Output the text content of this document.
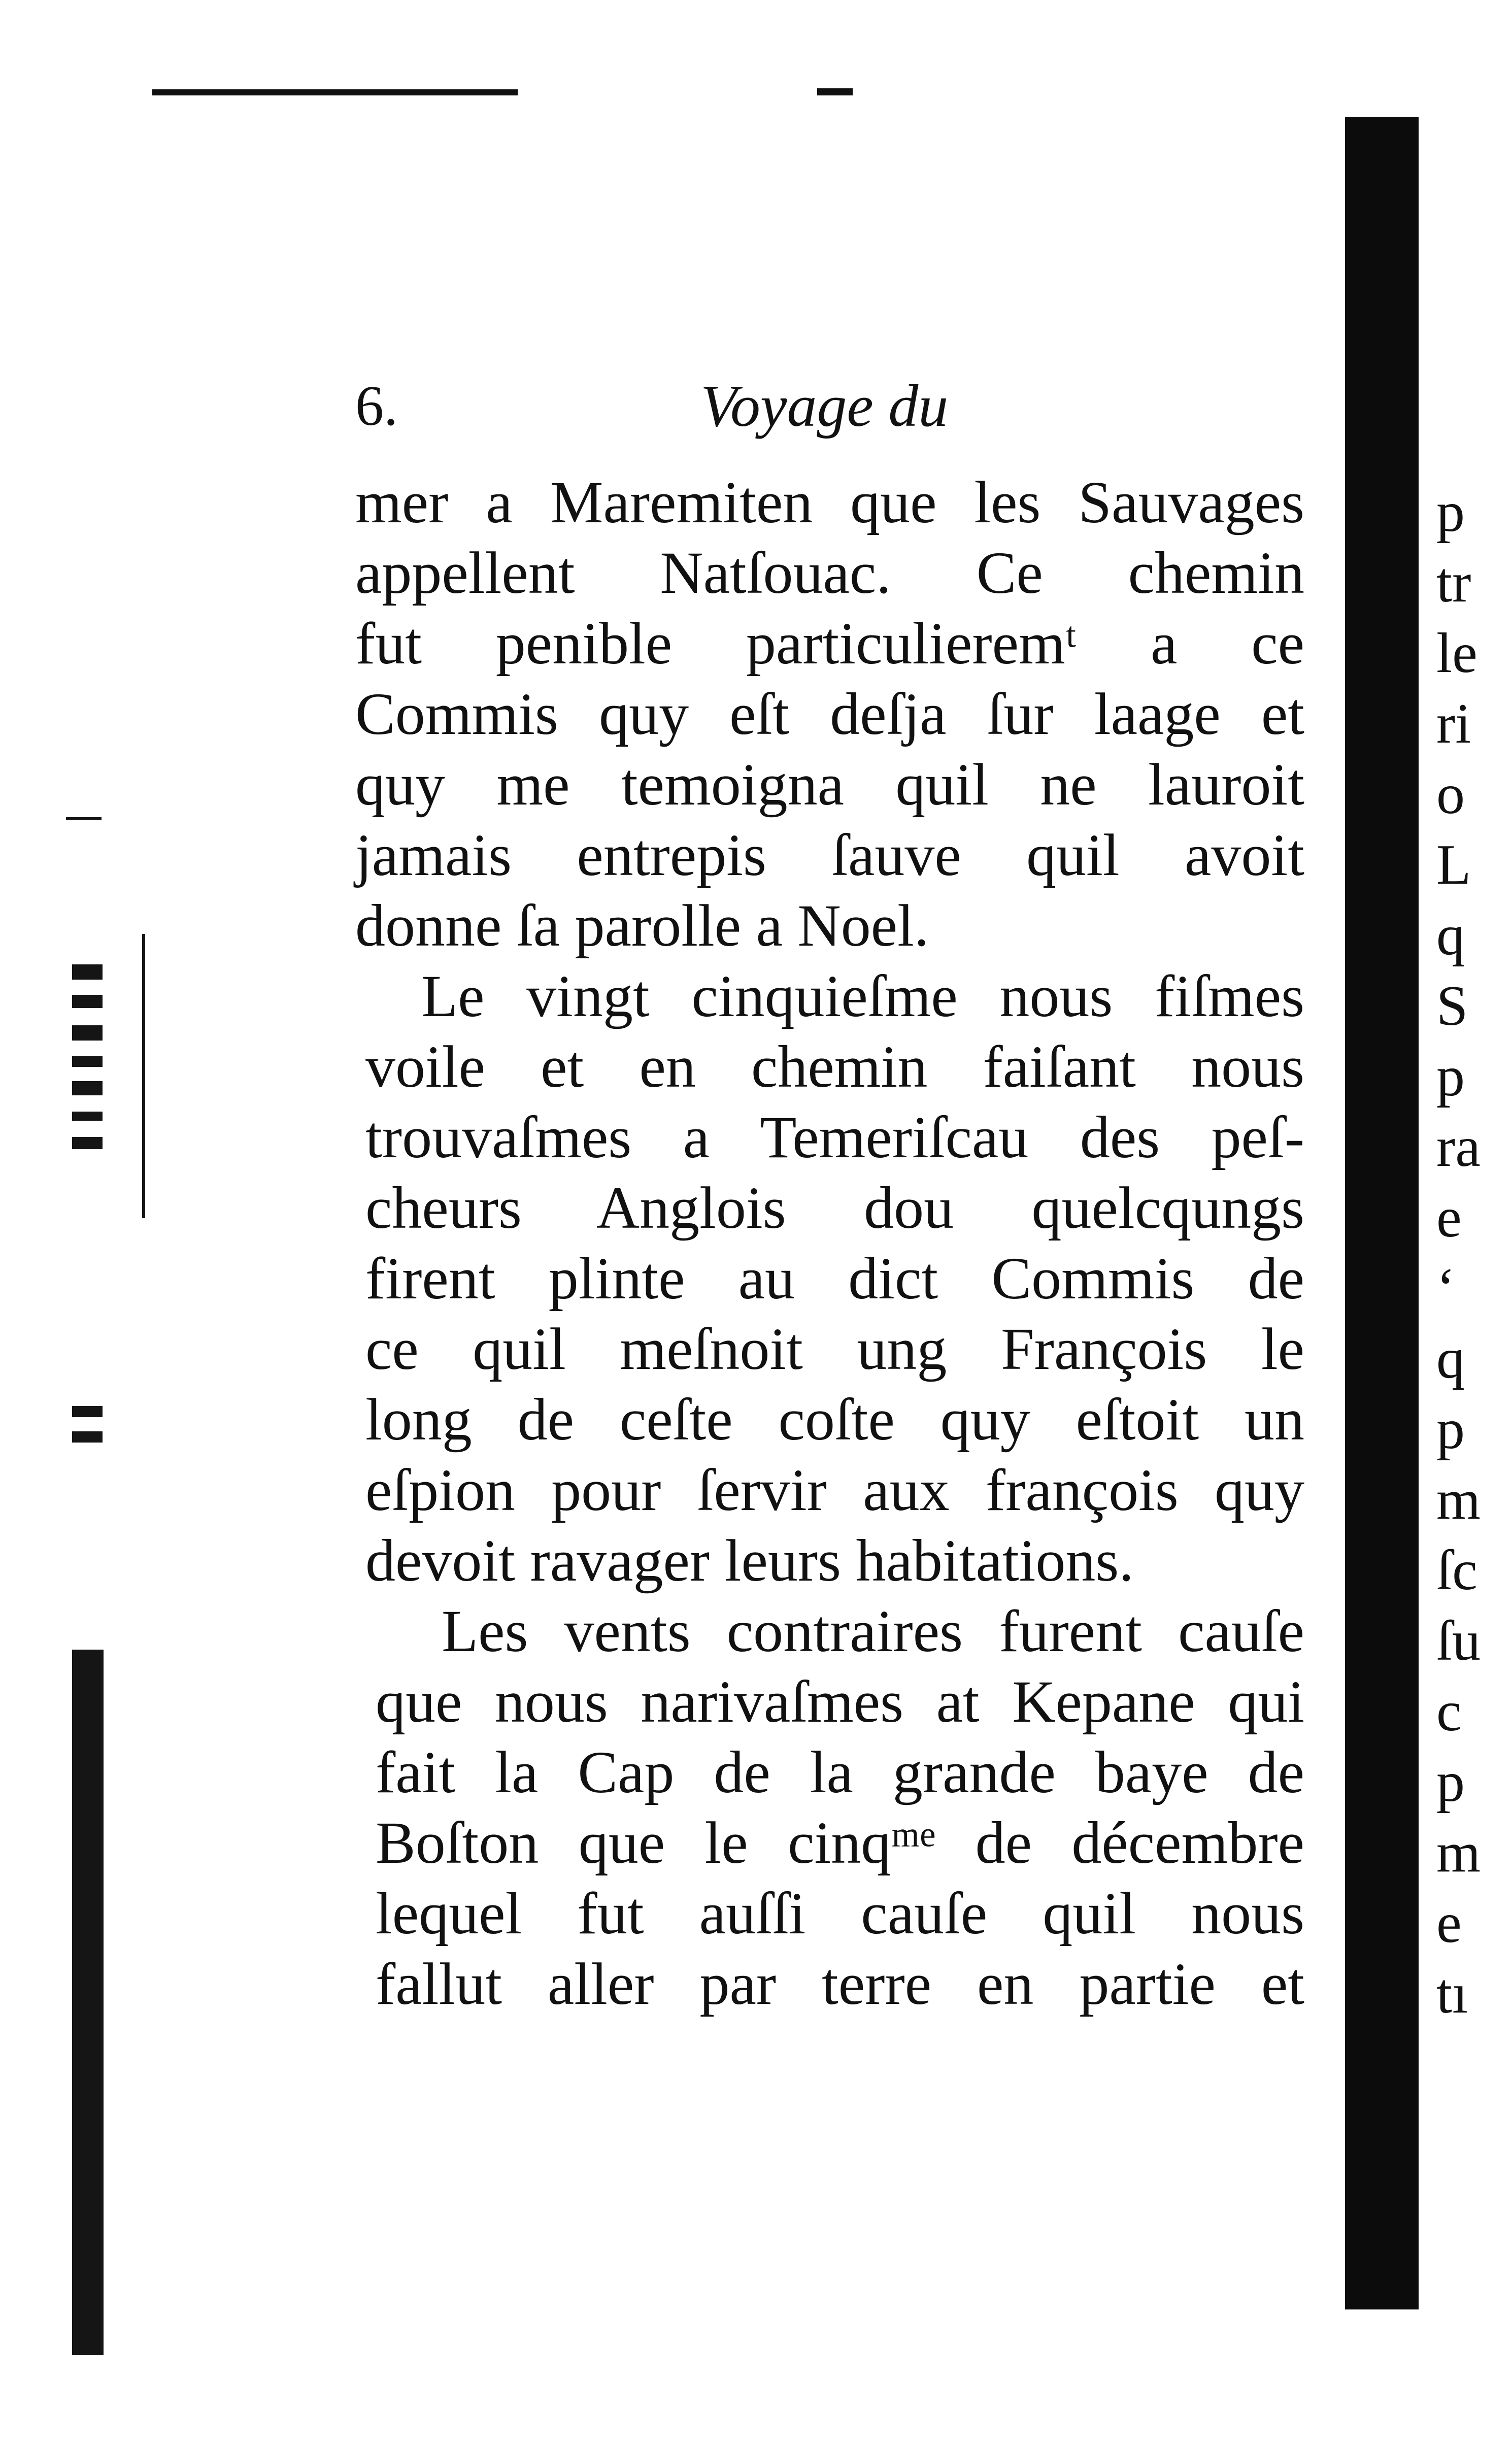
6.	Voyage du
mer a Maremiten que les Sauvages
appellent Natſouac. Ce chemin
fut penible particulieremᵗ a ce
Commis quy eſt deſja ſur laage et
quy me temoigna quil ne lauroit
jamais entrepis ſauve quil avoit
donne ſa parolle a Noel.
Le vingt cinquieſme nous fiſmes
voile et en chemin faiſant nous
trouvaſmes a Temeriſcau des peſ-
cheurs Anglois dou quelcqungs
firent plinte au dict Commis de
ce quil meſnoit ung François le
long de ceſte coſte quy eſtoit un
eſpion pour ſervir aux françois quy
devoit ravager leurs habitations.
Les vents contraires furent cauſe
que nous narivaſmes at Kepane qui
fait la Cap de la grande baye de
Boſton que le cinqᵐᵉ de décembre
lequel fut auſſi cauſe quil nous
fallut aller par terre en partie et
p
tr
le
ri
o
L
q
S
p
ra
e
‘
q
p
m
ſc
ſu
c
p
m
e
tı
